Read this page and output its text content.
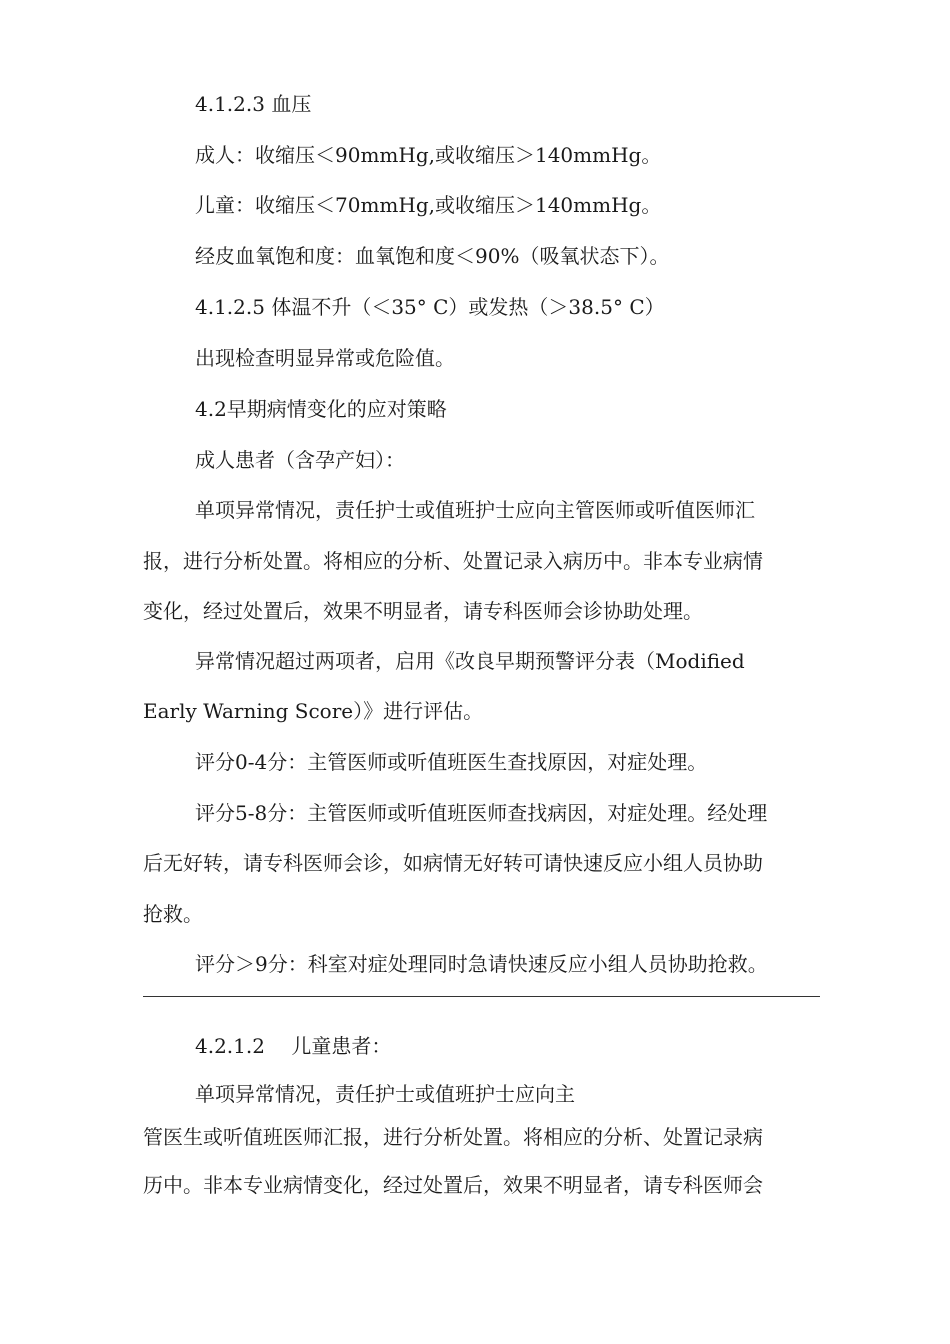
4.1.2.3 血压
成人：收缩压＜90mmHg,或收缩压＞140mmHg。
儿童：收缩压＜70mmHg,或收缩压＞140mmHg。
经皮血氧饱和度：血氧饱和度＜90%（吸氧状态下）。
4.1.2.5 体温不升（＜35° C）或发热（＞38.5° C）
出现检查明显异常或危险值。
4.2早期病情变化的应对策略
成人患者（含孕产妇）：
单项异常情况，责任护士或值班护士应向主管医师或听值医师汇
报，进行分析处置。将相应的分析、处置记录入病历中。非本专业病情
变化，经过处置后，效果不明显者，请专科医师会诊协助处理。
异常情况超过两项者，启用《改良早期预警评分表（Modified
Early Warning Score）》进行评估。
评分0-4分：主管医师或听值班医生查找原因，对症处理。
评分5-8分：主管医师或听值班医师查找病因，对症处理。经处理
后无好转，请专科医师会诊，如病情无好转可请快速反应小组人员协助
抢救。
评分＞9分：科室对症处理同时急请快速反应小组人员协助抢救。
4.2.1.2　 儿童患者：
单项异常情况，责任护士或值班护士应向主
管医生或听值班医师汇报，进行分析处置。将相应的分析、处置记录病
历中。非本专业病情变化，经过处置后，效果不明显者，请专科医师会
